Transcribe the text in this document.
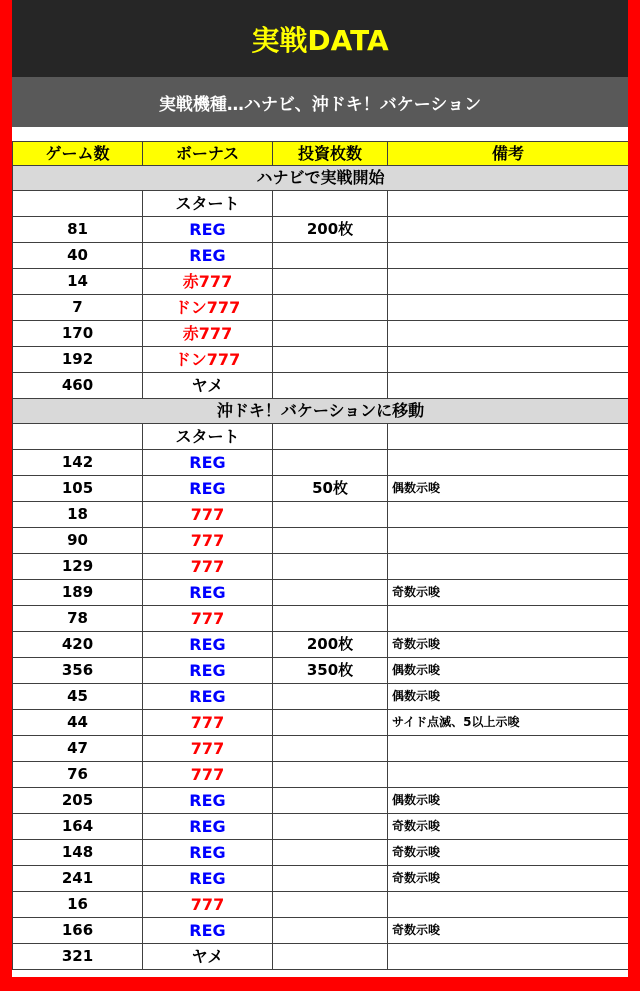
実戦DATA
実戦機種…ハナビ、沖ドキ！バケーション
ゲーム数	ボーナス	投資枚数	備考
ハナビで実戦開始			
	スタート		
81	REG	200枚	
40	REG		
14	赤777		
7	ドン777		
170	赤777		
192	ドン777		
460	ヤメ		
沖ドキ！バケーションに移動			
	スタート		
142	REG		
105	REG	50枚	偶数示唆
18	777		
90	777		
129	777		
189	REG		奇数示唆
78	777		
420	REG	200枚	奇数示唆
356	REG	350枚	偶数示唆
45	REG		偶数示唆
44	777		サイド点滅、5以上示唆
47	777		
76	777		
205	REG		偶数示唆
164	REG		奇数示唆
148	REG		奇数示唆
241	REG		奇数示唆
16	777		
166	REG		奇数示唆
321	ヤメ		
